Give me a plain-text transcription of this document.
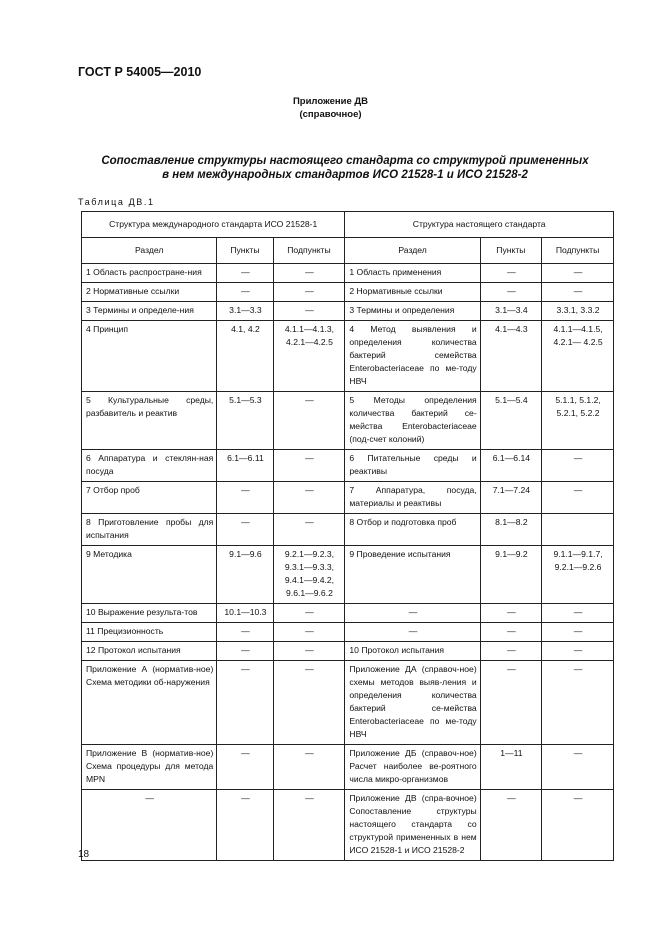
ГОСТ Р 54005—2010
Приложение ДВ
(справочное)
Сопоставление структуры настоящего стандарта со структурой примененных
в нем международных стандартов ИСО 21528-1 и ИСО 21528-2
Таблица ДВ.1
Структура международного стандарта ИСО 21528-1			Структура настоящего стандарта		
Раздел	Пункты	Подпункты	Раздел	Пункты	Подпункты
1 Область распростране-ния	—	—	1 Область применения	—	—
2 Нормативные ссылки	—	—	2 Нормативные ссылки	—	—
3 Термины и определе-ния	3.1—3.3	—	3 Термины и определения	3.1—3.4	3.3.1, 3.3.2
4 Принцип	4.1, 4.2	4.1.1—4.1.3, 4.2.1—4.2.5	4 Метод выявления и определения количества бактерий семейства Enterobacteriaceae по ме-тоду НВЧ	4.1—4.3	4.1.1—4.1.5, 4.2.1— 4.2.5
5 Культуральные среды, разбавитель и реактив	5.1—5.3	—	5 Методы определения количества бактерий се-мейства Enterobacteriaceae (под-счет колоний)	5.1—5.4	5.1.1, 5.1.2, 5.2.1, 5.2.2
6 Аппаратура и стеклян-ная посуда	6.1—6.11	—	6 Питательные среды и реактивы	6.1—6.14	—
7 Отбор проб	—	—	7 Аппаратура, посуда, материалы и реактивы	7.1—7.24	—
8 Приготовление пробы для испытания	—	—	8 Отбор и подготовка проб	8.1—8.2	
9 Методика	9.1—9.6	9.2.1—9.2.3, 9.3.1—9.3.3, 9.4.1—9.4.2, 9.6.1—9.6.2	9 Проведение испытания	9.1—9.2	9.1.1—9.1.7, 9.2.1—9.2.6
10 Выражение результа-тов	10.1—10.3	—	—	—	—
11 Прецизионность	—	—	—	—	—
12 Протокол испытания	—	—	10 Протокол испытания	—	—
Приложение А (норматив-ное) Схема методики об-наружения	—	—	Приложение ДА (справоч-ное) схемы методов выяв-ления и определения количества бактерий се-мейства Enterobacteriaceae по ме-тоду НВЧ	—	—
Приложение В (норматив-ное) Схема процедуры для метода MPN	—	—	Приложение ДБ (справоч-ное) Расчет наиболее ве-роятного числа микро-организмов	1—11	—
—	—	—	Приложение ДВ (спра-вочное) Сопоставление структуры настоящего стандарта со структурой примененных в нем ИСО 21528-1 и ИСО 21528-2	—	—
18
